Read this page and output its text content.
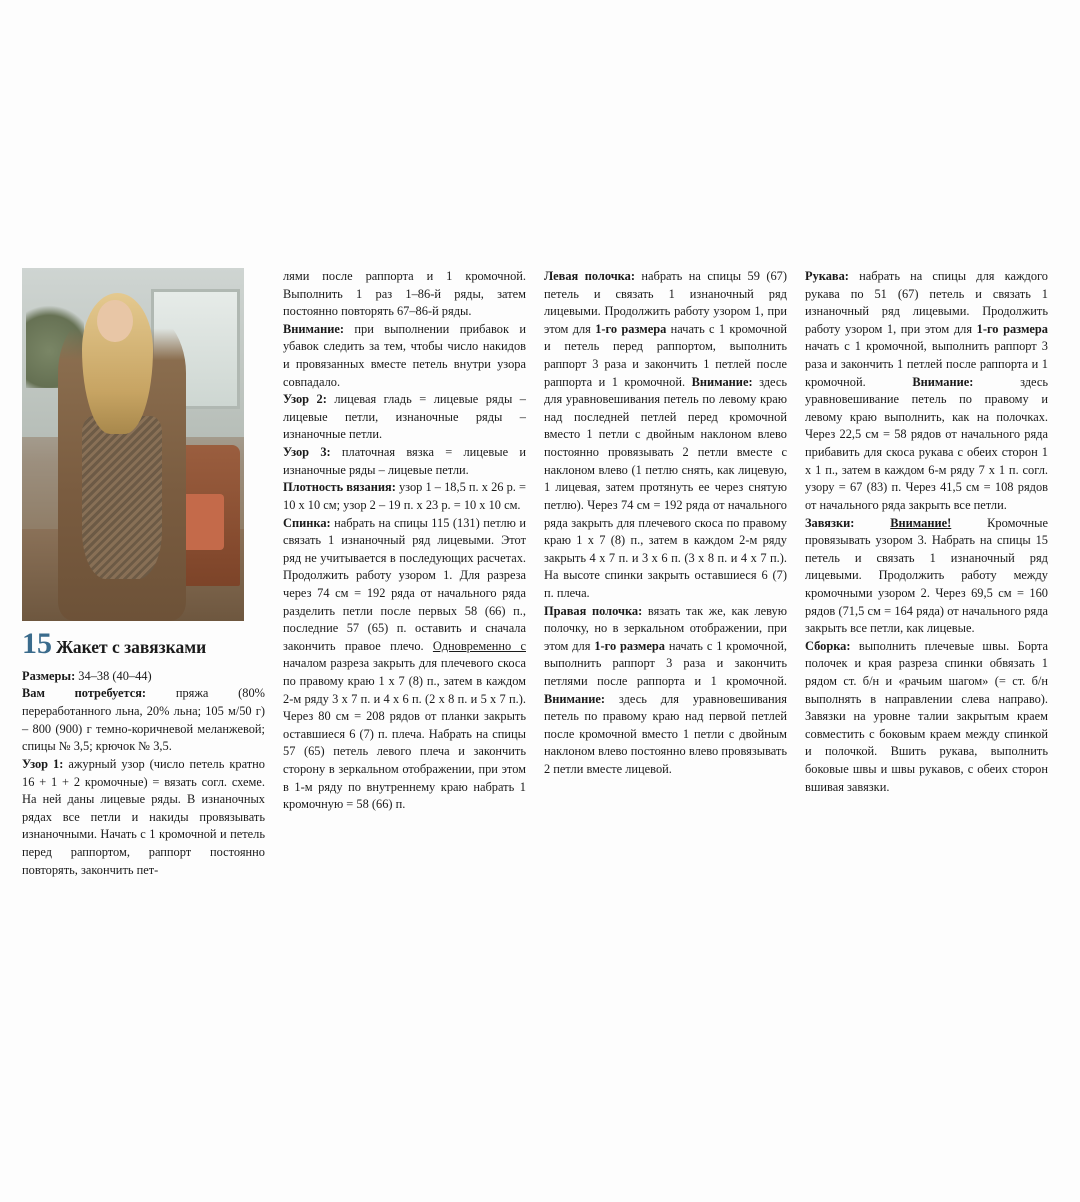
15 Жакет с завязками

Размеры: 34–38 (40–44)

Вам потребуется: пряжа (80% переработанного льна, 20% льна; 105 м/50 г) – 800 (900) г темно-коричневой меланжевой; спицы № 3,5; крючок № 3,5.

Узор 1: ажурный узор (число петель кратно 16 + 1 + 2 кромочные) = вязать согл. схеме. На ней даны лицевые ряды. В изнаночных рядах все петли и накиды провязывать изнаночными. Начать с 1 кромочной и петель перед раппортом, раппорт постоянно повторять, закончить пет-

лями после раппорта и 1 кромочной. Выполнить 1 раз 1–86-й ряды, затем постоянно повторять 67–86-й ряды.

Внимание: при выполнении прибавок и убавок следить за тем, чтобы число накидов и провязанных вместе петель внутри узора совпадало.

Узор 2: лицевая гладь = лицевые ряды – лицевые петли, изнаночные ряды – изнаночные петли.

Узор 3: платочная вязка = лицевые и изнаночные ряды – лицевые петли.

Плотность вязания: узор 1 – 18,5 п. х 26 р. = 10 х 10 см; узор 2 – 19 п. х 23 р. = 10 х 10 см.

Спинка: набрать на спицы 115 (131) петлю и связать 1 изнаночный ряд лицевыми. Этот ряд не учитывается в последующих расчетах. Продолжить работу узором 1. Для разреза через 74 см = 192 ряда от начального ряда разделить петли после первых 58 (66) п., последние 57 (65) п. оставить и сначала закончить правое плечо. Одновременно с началом разреза закрыть для плечевого скоса по правому краю 1 х 7 (8) п., затем в каждом 2-м ряду 3 х 7 п. и 4 х 6 п. (2 х 8 п. и 5 х 7 п.). Через 80 см = 208 рядов от планки закрыть оставшиеся 6 (7) п. плеча. Набрать на спицы 57 (65) петель левого плеча и закончить сторону в зеркальном отображении, при этом в 1-м ряду по внутреннему краю набрать 1 кромочную = 58 (66) п.

Левая полочка: набрать на спицы 59 (67) петель и связать 1 изнаночный ряд лицевыми. Продолжить работу узором 1, при этом для 1-го размера начать с 1 кромочной и петель перед раппортом, выполнить раппорт 3 раза и закончить 1 петлей после раппорта и 1 кромочной. Внимание: здесь для уравновешивания петель по левому краю над последней петлей перед кромочной вместо 1 петли с двойным наклоном влево постоянно провязывать 2 петли вместе с наклоном влево (1 петлю снять, как лицевую, 1 лицевая, затем протянуть ее через снятую петлю). Через 74 см = 192 ряда от начального ряда закрыть для плечевого скоса по правому краю 1 х 7 (8) п., затем в каждом 2-м ряду закрыть 4 х 7 п. и 3 х 6 п. (3 х 8 п. и 4 х 7 п.). На высоте спинки закрыть оставшиеся 6 (7) п. плеча.

Правая полочка: вязать так же, как левую полочку, но в зеркальном отображении, при этом для 1-го размера начать с 1 кромочной, выполнить раппорт 3 раза и закончить петлями после раппорта и 1 кромочной. Внимание: здесь для уравновешивания петель по правому краю над первой петлей после кромочной вместо 1 петли с двойным наклоном влево постоянно влево провязывать 2 петли вместе лицевой.

Рукава: набрать на спицы для каждого рукава по 51 (67) петель и связать 1 изнаночный ряд лицевыми. Продолжить работу узором 1, при этом для 1-го размера начать с 1 кромочной, выполнить раппорт 3 раза и закончить 1 петлей после раппорта и 1 кромочной. Внимание: здесь уравновешивание петель по правому и левому краю выполнить, как на полочках. Через 22,5 см = 58 рядов от начального ряда прибавить для скоса рукава с обеих сторон 1 х 1 п., затем в каждом 6-м ряду 7 х 1 п. согл. узору = 67 (83) п. Через 41,5 см = 108 рядов от начального ряда закрыть все петли.

Завязки:	Внимание! Кромочные провязывать узором 3. Набрать на спицы 15 петель и связать 1 изнаночный ряд лицевыми. Продолжить работу между кромочными узором 2. Через 69,5 см = 160 рядов (71,5 см = 164 ряда) от начального ряда закрыть все петли, как лицевые.

Сборка: выполнить плечевые швы. Борта полочек и края разреза спинки обвязать 1 рядом ст. б/н и «рачьим шагом» (= ст. б/н выполнять в направлении слева направо). Завязки на уровне талии закрытым краем совместить с боковым краем между спинкой и полочкой. Вшить рукава, выполнить боковые швы и швы рукавов, с обеих сторон вшивая завязки.
